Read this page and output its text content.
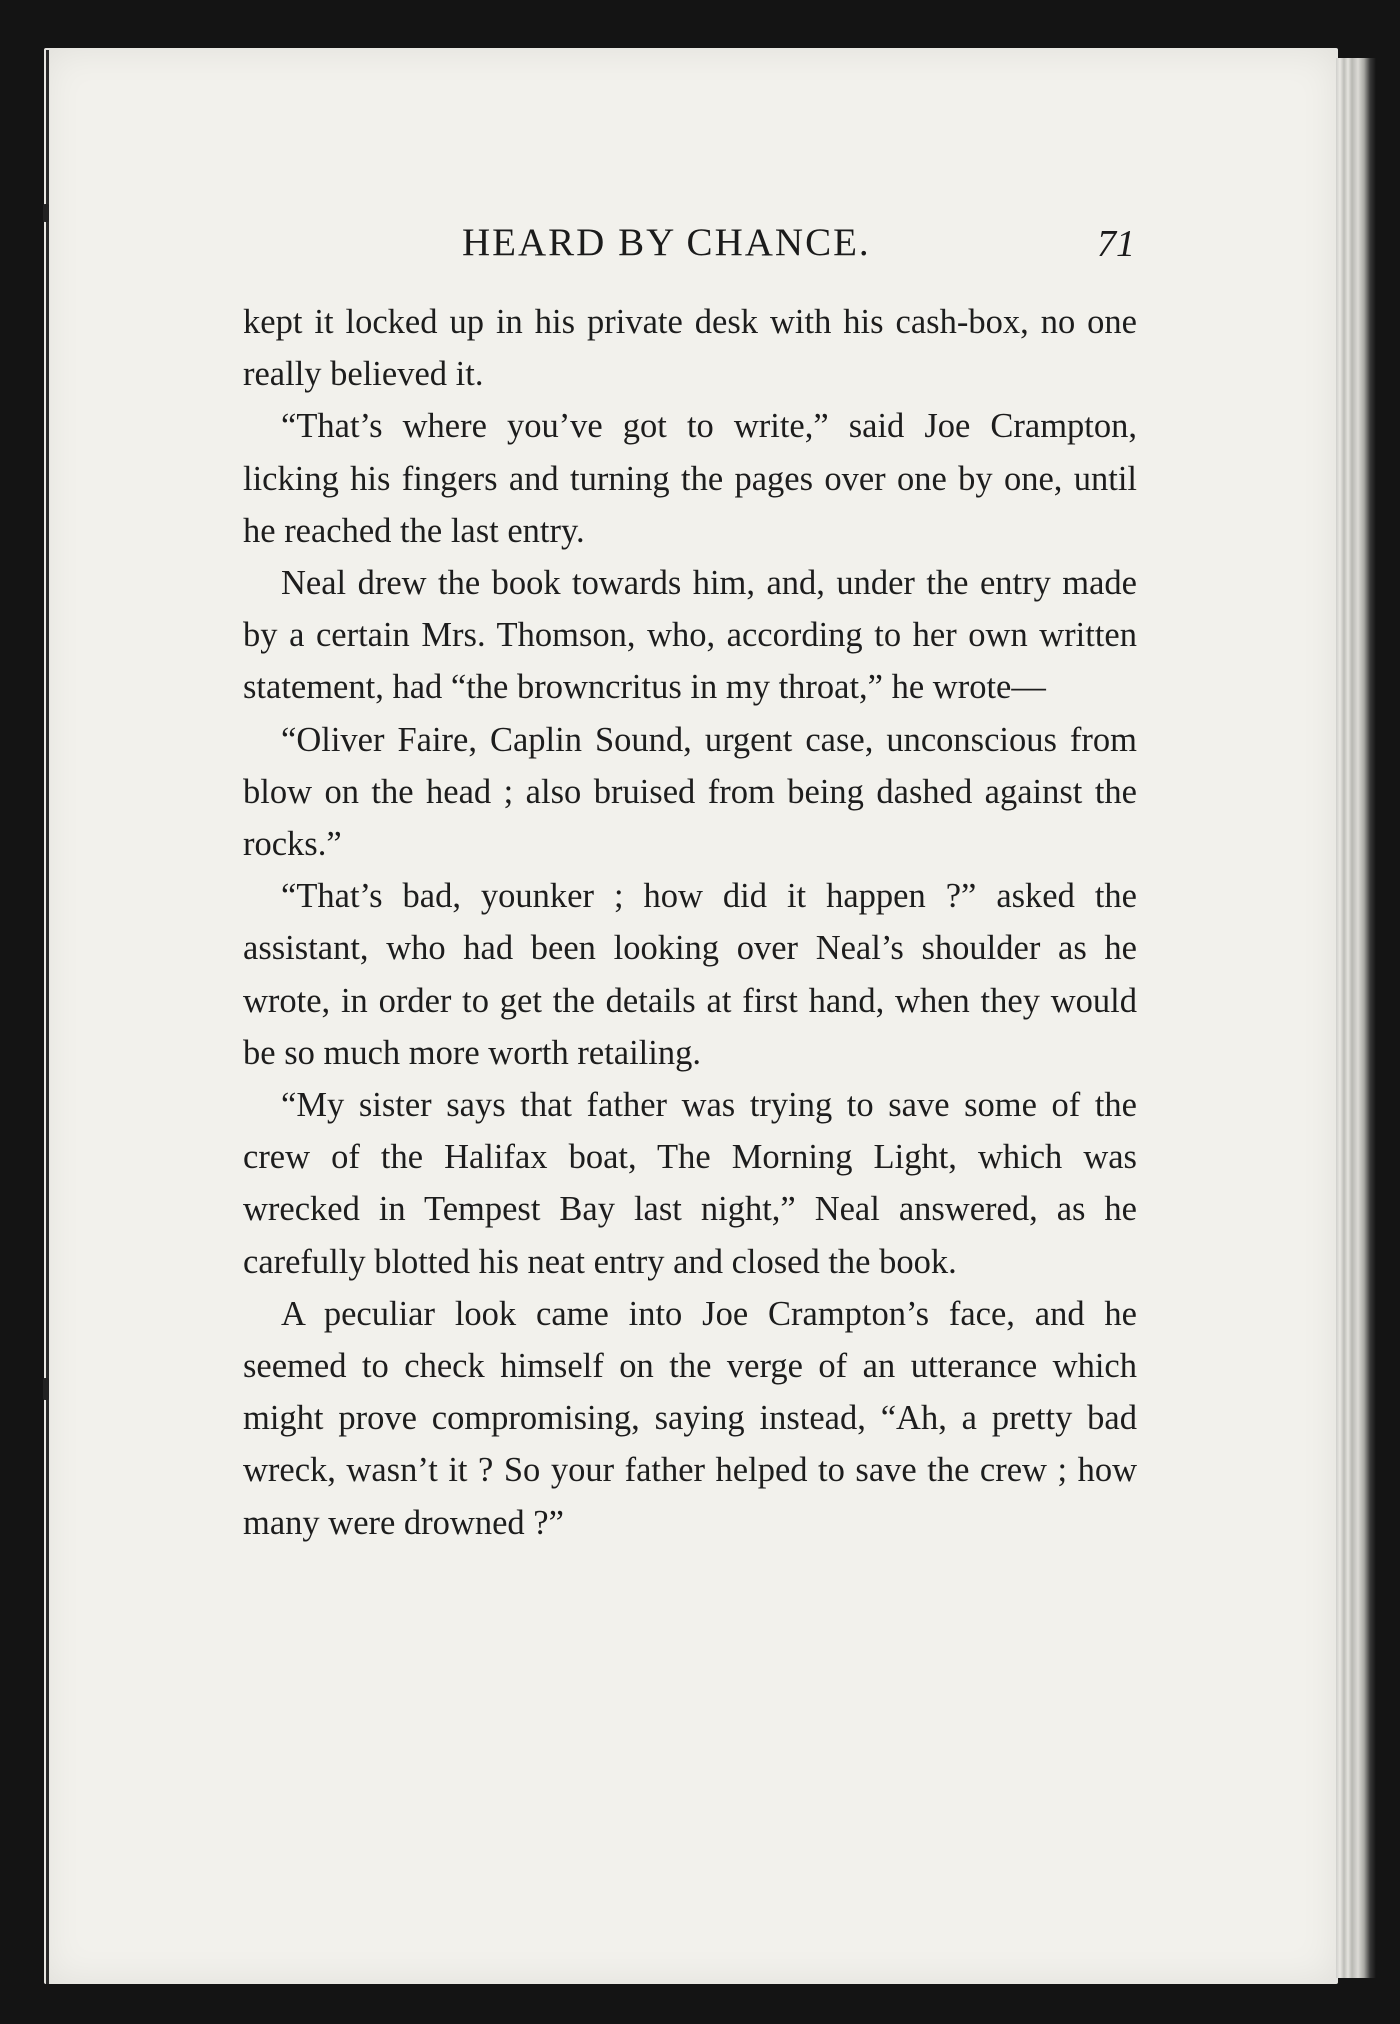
HEARD BY CHANCE.	71

kept it locked up in his private desk with his cash-box, no one really believed it.

“That’s where you’ve got to write,” said Joe Crampton, licking his fingers and turning the pages over one by one, until he reached the last entry.

Neal drew the book towards him, and, under the entry made by a certain Mrs. Thomson, who, according to her own written statement, had “the browncritus in my throat,” he wrote—

“Oliver Faire, Caplin Sound, urgent case, unconscious from blow on the head ; also bruised from being dashed against the rocks.”

“That’s bad, younker ; how did it happen ?” asked the assistant, who had been looking over Neal’s shoulder as he wrote, in order to get the details at first hand, when they would be so much more worth retailing.

“My sister says that father was trying to save some of the crew of the Halifax boat, The Morning Light, which was wrecked in Tempest Bay last night,” Neal answered, as he carefully blotted his neat entry and closed the book.

A peculiar look came into Joe Crampton’s face, and he seemed to check himself on the verge of an utterance which might prove compromising, saying instead, “Ah, a pretty bad wreck, wasn’t it ? So your father helped to save the crew ; how many were drowned ?”
